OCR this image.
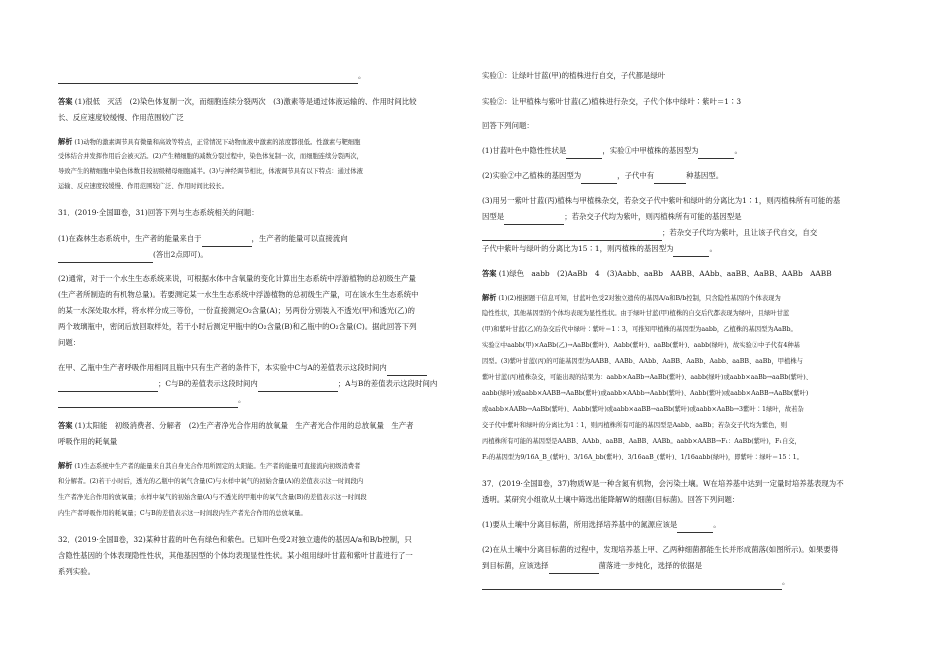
。

答案 (1)很低　灭活　(2)染色体复制一次，而细胞连续分裂两次　(3)激素等是通过体液运输的、作用时间比较

长、反应速度较缓慢、作用范围较广泛

解析 (1)动物的激素调节具有微量和高效等特点，正常情况下动物血液中激素的浓度都很低。性激素与靶细胞

受体结合并发挥作用后会被灭活。(2)产生精细胞的减数分裂过程中，染色体复制一次，而细胞连续分裂两次，

导致产生的精细胞中染色体数目较初级精母细胞减半。(3)与神经调节相比，体液调节具有以下特点：通过体液

运输、反应速度较缓慢、作用范围较广泛、作用时间比较长。

31．(2019·全国Ⅲ卷，31)回答下列与生态系统相关的问题：

(1)在森林生态系统中，生产者的能量来自于	，生产者的能量可以直接流向

(答出2点即可)。

(2)通常，对于一个水生生态系统来说，可根据水体中含氧量的变化计算出生态系统中浮游植物的总初级生产量

(生产者所制造的有机物总量)。若要测定某一水生生态系统中浮游植物的总初级生产量，可在该水生生态系统中

的某一水深处取水样，将水样分成三等份，一份直接测定O₂含量(A)；另两份分别装入不透光(甲)和透光(乙)的

两个玻璃瓶中，密闭后放回取样处，若干小时后测定甲瓶中的O₂含量(B)和乙瓶中的O₂含量(C)。据此回答下列

问题：

在甲、乙瓶中生产者呼吸作用相同且瓶中只有生产者的条件下，本实验中C与A的差值表示这段时间内

；C与B的差值表示这段时间内	；A与B的差值表示这段时间内

。

答案 (1)太阳能　初级消费者、分解者　(2)生产者净光合作用的放氧量　生产者光合作用的总放氧量　生产者

呼吸作用的耗氧量

解析 (1)生态系统中生产者的能量来自其自身光合作用所固定的太阳能。生产者的能量可直接流向初级消费者

和分解者。(2)若干小时后，透光的乙瓶中的氧气含量(C)与水样中氧气的初始含量(A)的差值表示这一时间段内

生产者净光合作用的放氧量；水样中氧气的初始含量(A)与不透光的甲瓶中的氧气含量(B)的差值表示这一时间段

内生产者呼吸作用的耗氧量；C与B的差值表示这一时间段内生产者光合作用的总放氧量。

32．(2019·全国Ⅱ卷，32)某种甘蓝的叶色有绿色和紫色。已知叶色受2对独立遗传的基因A/a和B/b控制，只

含隐性基因的个体表现隐性性状，其他基因型的个体均表现显性性状。某小组用绿叶甘蓝和紫叶甘蓝进行了一

系列实验。

实验①：让绿叶甘蓝(甲)的植株进行自交，子代都是绿叶

实验②：让甲植株与紫叶甘蓝(乙)植株进行杂交，子代个体中绿叶∶紫叶＝1∶3

回答下列问题：

(1)甘蓝叶色中隐性性状是	，实验①中甲植株的基因型为	。

(2)实验②中乙植株的基因型为	，子代中有	种基因型。

(3)用另一紫叶甘蓝(丙)植株与甲植株杂交，若杂交子代中紫叶和绿叶的分离比为1∶1，则丙植株所有可能的基

因型是	；若杂交子代均为紫叶，则丙植株所有可能的基因型是

；若杂交子代均为紫叶，且让该子代自交，自交

子代中紫叶与绿叶的分离比为15∶1，则丙植株的基因型为	。

答案 (1)绿色　aabb　(2)AaBb　4　(3)Aabb、aaBb　AABB、AAbb、aaBB、AaBB、AABb　AABB

解析 (1)(2)根据题干信息可知，甘蓝叶色受2对独立遗传的基因A/a和B/b控制，只含隐性基因的个体表现为

隐性性状，其他基因型的个体均表现为显性性状。由于绿叶甘蓝(甲)植株的自交后代都表现为绿叶，且绿叶甘蓝

(甲)和紫叶甘蓝(乙)的杂交后代中绿叶∶紫叶＝1∶3，可推知甲植株的基因型为aabb，乙植株的基因型为AaBb。

实验②中aabb(甲)×AaBb(乙)→AaBb(紫叶)、Aabb(紫叶)、aaBb(紫叶)、aabb(绿叶)，故实验②中子代有4种基

因型。(3)紫叶甘蓝(丙)的可能基因型为AABB、AABb、AAbb、AaBB、AaBb、Aabb、aaBB、aaBb，甲植株与

紫叶甘蓝(丙)植株杂交，可能出现的结果为：aabb×AaBb→AaBb(紫叶)、aabb(绿叶)或aabb×aaBb→aaBb(紫叶)、

aabb(绿叶)或aabb×AABB→AaBb(紫叶)或aabb×AAbb→Aabb(紫叶)、Aabb(紫叶)或aabb×AaBB→AaBb(紫叶)

或aabb×AABb→AaBb(紫叶)、Aabb(紫叶)或aabb×aaBB→aaBb(紫叶)或aabb×AaBb→3紫叶∶1绿叶，故若杂

交子代中紫叶和绿叶的分离比为1∶1，则丙植株所有可能的基因型是Aabb、aaBb；若杂交子代均为紫色，则

丙植株所有可能的基因型是AABB、AAbb、aaBB、AaBB、AABb。aabb×AABB→F₁：AaBb(紫叶)，F₁自交，

F₂的基因型为9/16A_B_(紫叶)、3/16A_bb(紫叶)、3/16aaB_(紫叶)、1/16aabb(绿叶)，即紫叶∶绿叶＝15∶1。

37．(2019·全国Ⅱ卷，37)物质W是一种含氮有机物，会污染土壤。W在培养基中达到一定量时培养基表现为不

透明。某研究小组欲从土壤中筛选出能降解W的细菌(目标菌)。回答下列问题：

(1)要从土壤中分离目标菌，所用选择培养基中的氮源应该是	。

(2)在从土壤中分离目标菌的过程中，发现培养基上甲、乙两种细菌都能生长并形成菌落(如图所示)。如果要得

到目标菌，应该选择	菌落进一步纯化，选择的依据是

。
